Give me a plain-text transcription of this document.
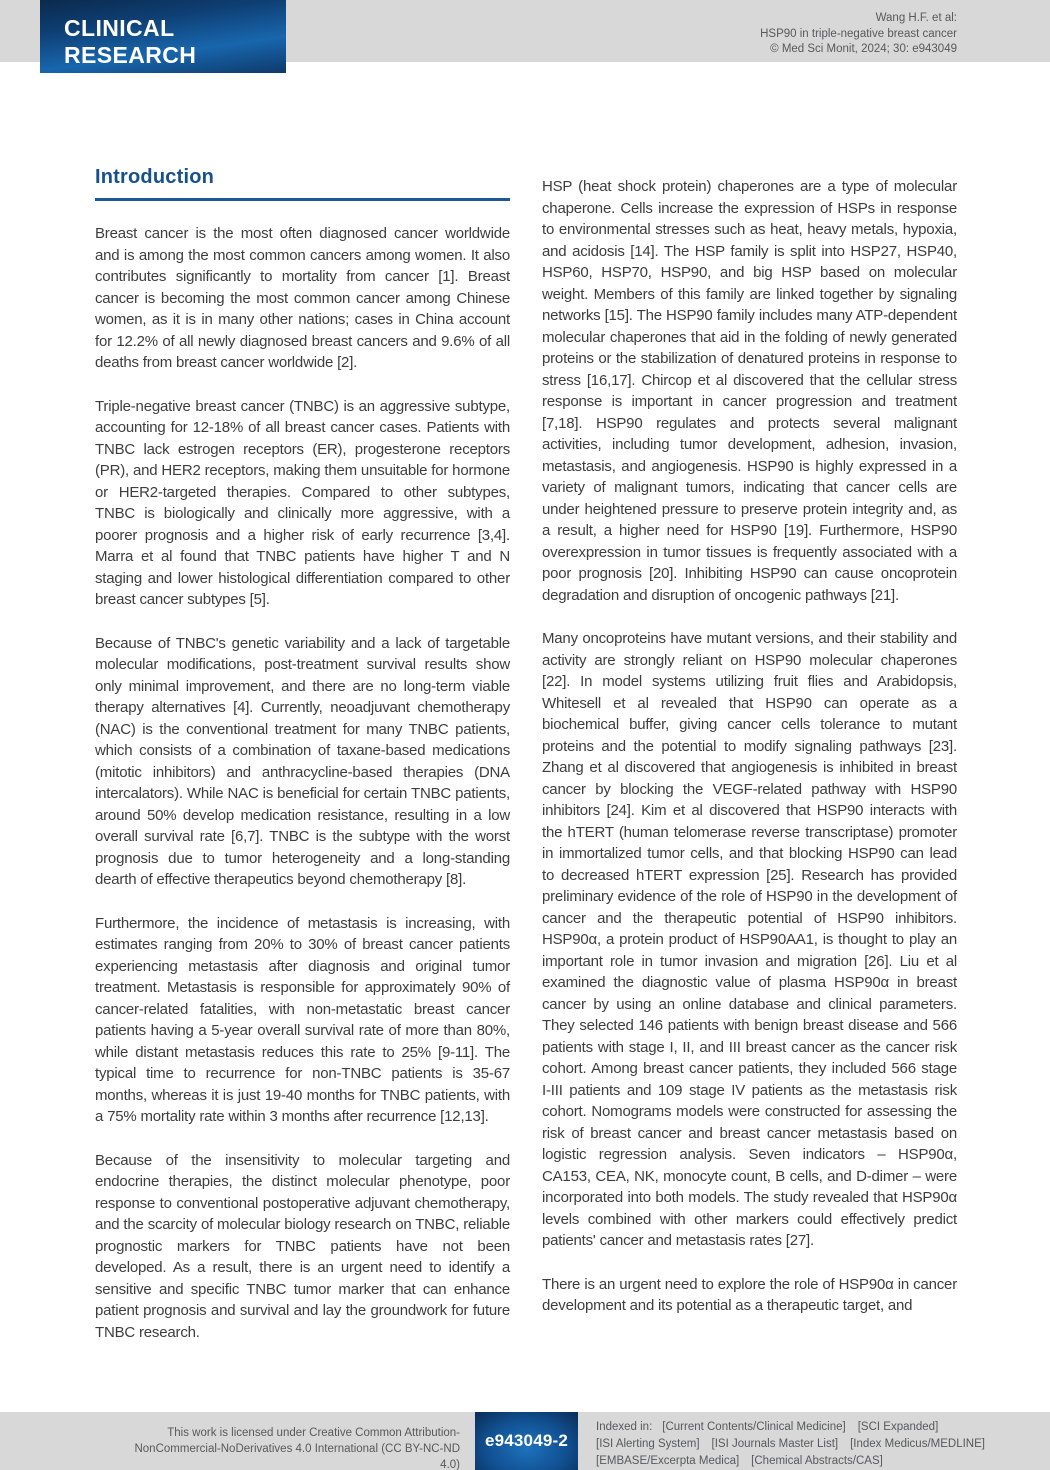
CLINICAL RESEARCH
Wang H.F. et al:
HSP90 in triple-negative breast cancer
© Med Sci Monit, 2024; 30: e943049
Introduction

Breast cancer is the most often diagnosed cancer worldwide and is among the most common cancers among women. It also contributes significantly to mortality from cancer [1]. Breast cancer is becoming the most common cancer among Chinese women, as it is in many other nations; cases in China account for 12.2% of all newly diagnosed breast cancers and 9.6% of all deaths from breast cancer worldwide [2].

Triple-negative breast cancer (TNBC) is an aggressive subtype, accounting for 12-18% of all breast cancer cases. Patients with TNBC lack estrogen receptors (ER), progesterone receptors (PR), and HER2 receptors, making them unsuitable for hormone or HER2-targeted therapies. Compared to other subtypes, TNBC is biologically and clinically more aggressive, with a poorer prognosis and a higher risk of early recurrence [3,4]. Marra et al found that TNBC patients have higher T and N staging and lower histological differentiation compared to other breast cancer subtypes [5].

Because of TNBC's genetic variability and a lack of targetable molecular modifications, post-treatment survival results show only minimal improvement, and there are no long-term viable therapy alternatives [4]. Currently, neoadjuvant chemotherapy (NAC) is the conventional treatment for many TNBC patients, which consists of a combination of taxane-based medications (mitotic inhibitors) and anthracycline-based therapies (DNA intercalators). While NAC is beneficial for certain TNBC patients, around 50% develop medication resistance, resulting in a low overall survival rate [6,7]. TNBC is the subtype with the worst prognosis due to tumor heterogeneity and a long-standing dearth of effective therapeutics beyond chemotherapy [8].

Furthermore, the incidence of metastasis is increasing, with estimates ranging from 20% to 30% of breast cancer patients experiencing metastasis after diagnosis and original tumor treatment. Metastasis is responsible for approximately 90% of cancer-related fatalities, with non-metastatic breast cancer patients having a 5-year overall survival rate of more than 80%, while distant metastasis reduces this rate to 25% [9-11]. The typical time to recurrence for non-TNBC patients is 35-67 months, whereas it is just 19-40 months for TNBC patients, with a 75% mortality rate within 3 months after recurrence [12,13].

Because of the insensitivity to molecular targeting and endocrine therapies, the distinct molecular phenotype, poor response to conventional postoperative adjuvant chemotherapy, and the scarcity of molecular biology research on TNBC, reliable prognostic markers for TNBC patients have not been developed. As a result, there is an urgent need to identify a sensitive and specific TNBC tumor marker that can enhance patient prognosis and survival and lay the groundwork for future TNBC research.

HSP (heat shock protein) chaperones are a type of molecular chaperone. Cells increase the expression of HSPs in response to environmental stresses such as heat, heavy metals, hypoxia, and acidosis [14]. The HSP family is split into HSP27, HSP40, HSP60, HSP70, HSP90, and big HSP based on molecular weight. Members of this family are linked together by signaling networks [15]. The HSP90 family includes many ATP-dependent molecular chaperones that aid in the folding of newly generated proteins or the stabilization of denatured proteins in response to stress [16,17]. Chircop et al discovered that the cellular stress response is important in cancer progression and treatment [7,18]. HSP90 regulates and protects several malignant activities, including tumor development, adhesion, invasion, metastasis, and angiogenesis. HSP90 is highly expressed in a variety of malignant tumors, indicating that cancer cells are under heightened pressure to preserve protein integrity and, as a result, a higher need for HSP90 [19]. Furthermore, HSP90 overexpression in tumor tissues is frequently associated with a poor prognosis [20]. Inhibiting HSP90 can cause oncoprotein degradation and disruption of oncogenic pathways [21].

Many oncoproteins have mutant versions, and their stability and activity are strongly reliant on HSP90 molecular chaperones [22]. In model systems utilizing fruit flies and Arabidopsis, Whitesell et al revealed that HSP90 can operate as a biochemical buffer, giving cancer cells tolerance to mutant proteins and the potential to modify signaling pathways [23]. Zhang et al discovered that angiogenesis is inhibited in breast cancer by blocking the VEGF-related pathway with HSP90 inhibitors [24]. Kim et al discovered that HSP90 interacts with the hTERT (human telomerase reverse transcriptase) promoter in immortalized tumor cells, and that blocking HSP90 can lead to decreased hTERT expression [25]. Research has provided preliminary evidence of the role of HSP90 in the development of cancer and the therapeutic potential of HSP90 inhibitors. HSP90α, a protein product of HSP90AA1, is thought to play an important role in tumor invasion and migration [26]. Liu et al examined the diagnostic value of plasma HSP90α in breast cancer by using an online database and clinical parameters. They selected 146 patients with benign breast disease and 566 patients with stage I, II, and III breast cancer as the cancer risk cohort. Among breast cancer patients, they included 566 stage I-III patients and 109 stage IV patients as the metastasis risk cohort. Nomograms models were constructed for assessing the risk of breast cancer and breast cancer metastasis based on logistic regression analysis. Seven indicators – HSP90α, CA153, CEA, NK, monocyte count, B cells, and D-dimer – were incorporated into both models. The study revealed that HSP90α levels combined with other markers could effectively predict patients' cancer and metastasis rates [27].

There is an urgent need to explore the role of HSP90α in cancer development and its potential as a therapeutic target, and

This work is licensed under Creative Common Attribution-
NonCommercial-NoDerivatives 4.0 International (CC BY-NC-ND 4.0)
e943049-2
Indexed in: [Current Contents/Clinical Medicine] [SCI Expanded][ISI Alerting System] [ISI Journals Master List] [Index Medicus/MEDLINE][EMBASE/Excerpta Medica] [Chemical Abstracts/CAS]
